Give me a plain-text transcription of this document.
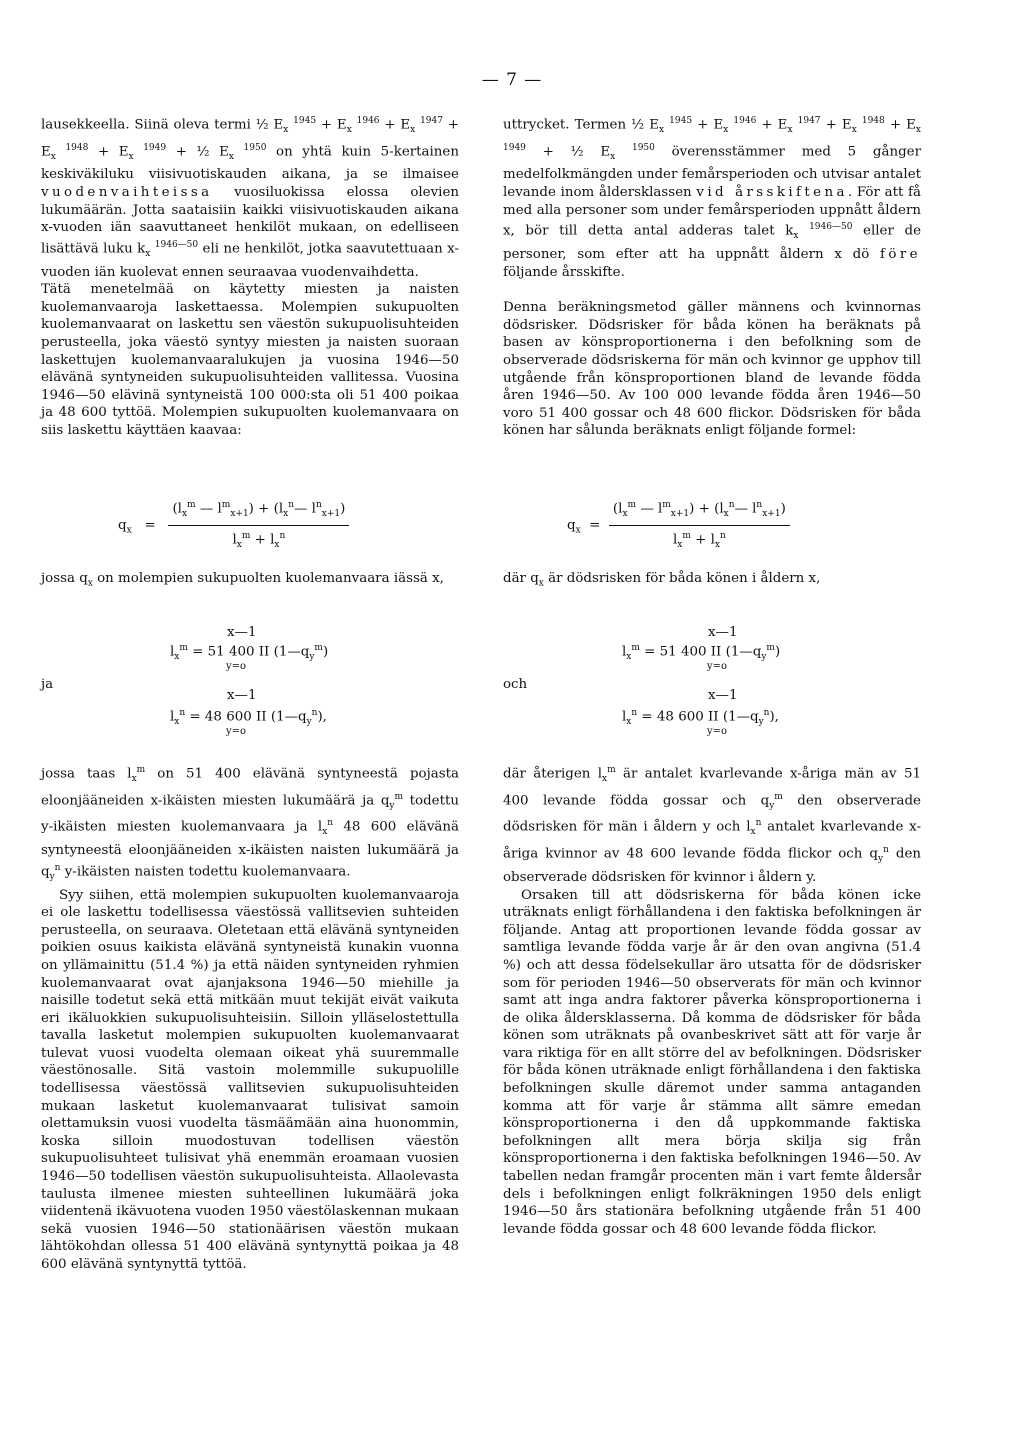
— 7 —

lausekkeella. Siinä oleva termi ½ $E_x$ $^{1945} + E_x$ $^{1946} + E_x$ $^{1947} + E_x$ $^{1948} + E_x$ $^{1949}$ + ½ $E_x$ $^{1950}$ on yhtä kuin 5-kertainen keskiväkiluku viisivuotiskauden aikana, ja se ilmaisee vuodenvaihteissa vuosiluokissa elossa olevien lukumäärän. Jotta saataisiin kaikki viisivuotiskauden aikana x-vuoden iän saavuttaneet henkilöt mukaan, on edelliseen lisättävä luku $k_x$ $^{1946—50}$ eli ne henkilöt, jotka saavutettuaan x-vuoden iän kuolevat ennen seuraavaa vuodenvaihdetta.

Tätä menetelmää on käytetty miesten ja naisten kuolemanvaaroja laskettaessa. Molempien sukupuolten kuolemanvaarat on laskettu sen väestön sukupuolisuhteiden perusteella, joka väestö syntyy miesten ja naisten suoraan laskettujen kuolemanvaaralukujen ja vuosina 1946—50 elävänä syntyneiden sukupuolisuhteiden vallitessa. Vuosina 1946—50 elävinä syntyneistä 100 000:sta oli 51 400 poikaa ja 48 600 tyttöä. Molempien sukupuolten kuolemanvaara on siis laskettu käyttäen kaavaa:

uttrycket. Termen ½ $E_x$ $^{1945} + E_x$ $^{1946} + E_x$ $^{1947} + E_x$ $^{1948} + E_x$ $^{1949}$ + ½ $E_x$ $^{1950}$ överensstämmer med 5 gånger medelfolkmängden under femårsperioden och utvisar antalet levande inom åldersklassen vid årsskiftena. För att få med alla personer som under femårsperioden uppnått åldern x, bör till detta antal adderas talet $k_x$ $^{1946—50}$ eller de personer, som efter att ha uppnått åldern x dö före följande årsskifte.

Denna beräkningsmetod gäller männens och kvinnornas dödsrisker. Dödsrisker för båda könen ha beräknats på basen av könsproportionerna i den befolkning som de observerade dödsriskerna för män och kvinnor ge upphov till utgående från könsproportionen bland de levande födda åren 1946—50. Av 100 000 levande födda åren 1946—50 voro 51 400 gossar och 48 600 flickor. Dödsrisken för båda könen har sålunda beräknats enligt följande formel:

$q_x = \frac{(l_x^m — l^m_{x+1}) + (l_x^n— l^n_{x+1})}{l_x^m + l_x^n}$	$q_x = \frac{(l_x^m — l^m_{x+1}) + (l_x^n— l^n_{x+1})}{l_x^m + l_x^n}$
jossa $q_x$ on molempien sukupuolten kuolemanvaara iässä x,	där $q_x$ är dödsrisken för båda könen i åldern x,
x—1
$l_x^m = 51$ 400 II $(1—q_y^m)$
y=o
ja
x—1
$l_x^n = 48$ 600 II $(1—q_y^n)$,
y=o
x—1
$l_x^m = 51$ 400 II $(1—q_y^m)$
y=o
och
x—1
$l_x^n = 48$ 600 II $(1—q_y^n)$,
y=o

jossa taas $l_x^m$ on 51 400 elävänä syntyneestä pojasta eloonjääneiden x-ikäisten miesten lukumäärä ja $q_y^m$ todettu y-ikäisten miesten kuolemanvaara ja $l_x^n$ 48 600 elävänä syntyneestä eloonjääneiden x-ikäisten naisten lukumäärä ja $q_y^n$ y-ikäisten naisten todettu kuolemanvaara.

Syy siihen, että molempien sukupuolten kuolemanvaaroja ei ole laskettu todellisessa väestössä vallitsevien suhteiden perusteella, on seuraava. Oletetaan että elävänä syntyneiden poikien osuus kaikista elävänä syntyneistä kunakin vuonna on yllämainittu (51.4 %) ja että näiden syntyneiden ryhmien kuolemanvaarat ovat ajanjaksona 1946—50 miehille ja naisille todetut sekä että mitkään muut tekijät eivät vaikuta eri ikäluokkien sukupuolisuhteisiin. Silloin ylläselostettulla tavalla lasketut molempien sukupuolten kuolemanvaarat tulevat vuosi vuodelta olemaan oikeat yhä suuremmalle väestönosalle. Sitä vastoin molemmille sukupuolille todellisessa väestössä vallitsevien sukupuolisuhteiden mukaan lasketut kuolemanvaarat tulisivat samoin olettamuksin vuosi vuodelta täsmäämään aina huonommin, koska silloin muodostuvan todellisen väestön sukupuolisuhteet tulisivat yhä enemmän eroamaan vuosien 1946—50 todellisen väestön sukupuolisuhteista. Allaolevasta taulusta ilmenee miesten suhteellinen lukumäärä joka viidentenä ikävuotena vuoden 1950 väestölaskennan mukaan sekä vuosien 1946—50 stationäärisen väestön mukaan lähtökohdan ollessa 51 400 elävänä syntynyttä poikaa ja 48 600 elävänä syntynyttä tyttöä.

där återigen $l_x^m$ är antalet kvarlevande x-åriga män av 51 400 levande födda gossar och $q_y^m$ den observerade dödsrisken för män i åldern y och $l_x^n$ antalet kvarlevande x-åriga kvinnor av 48 600 levande födda flickor och $q_y^n$ den observerade dödsrisken för kvinnor i åldern y.

Orsaken till att dödsriskerna för båda könen icke uträknats enligt förhållandena i den faktiska befolkningen är följande. Antag att proportionen levande födda gossar av samtliga levande födda varje år är den ovan angivna (51.4 %) och att dessa födelsekullar äro utsatta för de dödsrisker som för perioden 1946—50 observerats för män och kvinnor samt att inga andra faktorer påverka könsproportionerna i de olika åldersklasserna. Då komma de dödsrisker för båda könen som uträknats på ovanbeskrivet sätt att för varje år vara riktiga för en allt större del av befolkningen. Dödsrisker för båda könen uträknade enligt förhållandena i den faktiska befolkningen skulle däremot under samma antaganden komma att för varje år stämma allt sämre emedan könsproportionerna i den då uppkommande faktiska befolkningen allt mera börja skilja sig från könsproportionerna i den faktiska befolkningen 1946—50. Av tabellen nedan framgår procenten män i vart femte åldersår dels i befolkningen enligt folkräkningen 1950 dels enligt 1946—50 års stationära befolkning utgående från 51 400 levande födda gossar och 48 600 levande födda flickor.
